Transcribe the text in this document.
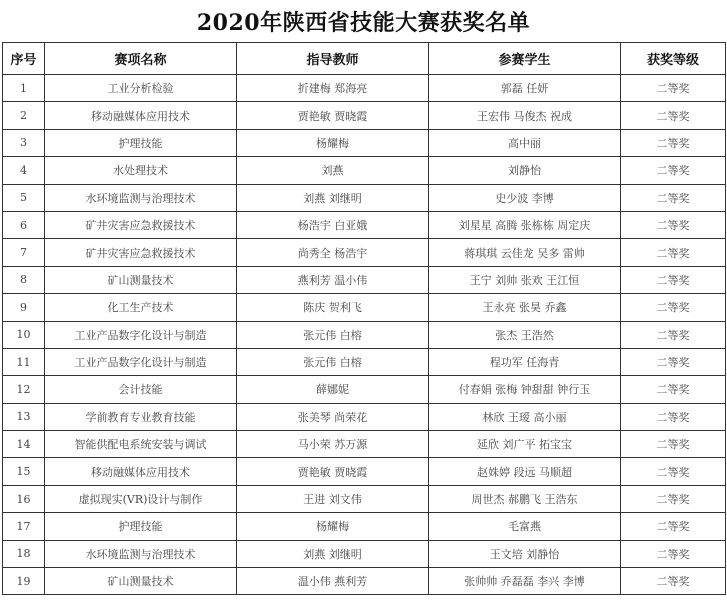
2020年陕西省技能大赛获奖名单
序号	赛项名称	指导教师	参赛学生	获奖等级
1	工业分析检验	折建梅 郑海亮	郭磊 任妍	二等奖
2	移动融媒体应用技术	贾艳敏 贾晓霞	王宏伟 马俊杰 祝成	二等奖
3	护理技能	杨耀梅	高中丽	二等奖
4	水处理技术	刘燕	刘静怡	二等奖
5	水环境监测与治理技术	刘燕 刘继明	史少波 李博	二等奖
6	矿井灾害应急救援技术	杨浩宇 白亚娥	刘星星 高腾 张栋栋 周定庆	二等奖
7	矿井灾害应急救援技术	尚秀全 杨浩宇	蒋琪琪 云佳龙 吴多 雷帅	二等奖
8	矿山测量技术	燕利芳 温小伟	王宁 刘帅 张欢 王江恒	二等奖
9	化工生产技术	陈庆 贺利飞	王永亮 张昊 乔鑫	二等奖
10	工业产品数字化设计与制造	张元伟 白榕	张杰 王浩然	二等奖
11	工业产品数字化设计与制造	张元伟 白榕	程功军 任海青	二等奖
12	会计技能	薛娜妮	付春娟 张梅 钟甜甜 钟行玉	二等奖
13	学前教育专业教育技能	张美琴 尚荣花	林欣 王瑷 高小丽	二等奖
14	智能供配电系统安装与调试	马小荣 苏万源	延欣 刘广平 拓宝宝	二等奖
15	移动融媒体应用技术	贾艳敏 贾晓霞	赵姝婷 段远 马顺超	二等奖
16	虚拟现实(VR)设计与制作	王进 刘文伟	周世杰 郝鹏飞 王浩东	二等奖
17	护理技能	杨耀梅	毛富燕	二等奖
18	水环境监测与治理技术	刘燕 刘继明	王文培 刘静怡	二等奖
19	矿山测量技术	温小伟 燕利芳	张帅帅 乔磊磊 李兴 李博	二等奖
